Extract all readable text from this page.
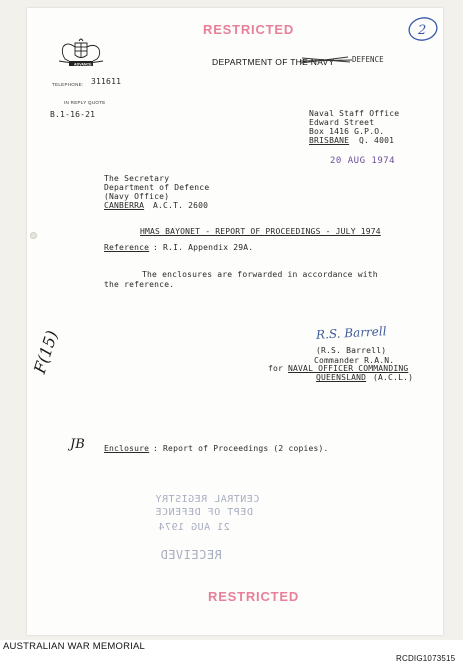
RESTRICTED	2
ADVANCE	DEPARTMENT OF THE NAVY DEFENCE
TELEPHONE: 311611
IN REPLY QUOTE
B.1-16-21	Naval Staff Office
Edward Street
Box 1416 G.P.O.
BRISBANE Q. 4001
20 AUG 1974
The Secretary
Department of Defence
(Navy Office)
CANBERRA A.C.T. 2600
HMAS BAYONET - REPORT OF PROCEEDINGS - JULY 1974
Reference : R.I. Appendix 29A.
The enclosures are forwarded in accordance with
the reference.
R.S. Barrell
(R.S. Barrell)
Commander R.A.N.
for NAVAL OFFICER COMMANDING
QUEENSLAND (A.C.L.)
F(15)
JB Enclosure : Report of Proceedings (2 copies).
CENTRAL REGISTRY
DEPT OF DEFENCE
21 AUG 1974
RECEIVED
RESTRICTED
AUSTRALIAN WAR MEMORIAL
RCDIG1073515
